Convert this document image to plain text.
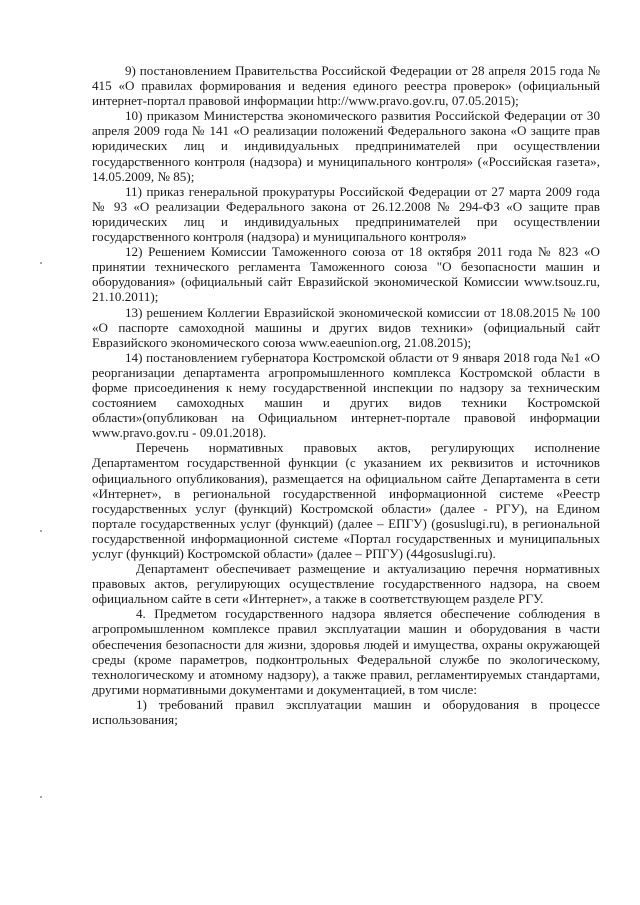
9) постановлением Правительства Российской Федерации от 28 апреля 2015 года № 415 «О правилах формирования и ведения единого реестра проверок» (официальный интернет-портал правовой информации http://www.pravo.gov.ru, 07.05.2015);

10) приказом Министерства экономического развития Российской Федерации от 30 апреля 2009 года № 141 «О реализации положений Федерального закона «О защите прав юридических лиц и индивидуальных предпринимателей при осуществлении государственного контроля (надзора) и муниципального контроля» («Российская газета», 14.05.2009, № 85);

11) приказ генеральной прокуратуры Российской Федерации от 27 марта 2009 года № 93 «О реализации Федерального закона от 26.12.2008 № 294-ФЗ «О защите прав юридических лиц и индивидуальных предпринимателей при осуществлении государственного контроля (надзора) и муниципального контроля»

12) Решением Комиссии Таможенного союза от 18 октября 2011 года № 823 «О принятии технического регламента Таможенного союза "О безопасности машин и оборудования» (официальный сайт Евразийской экономической Комиссии www.tsouz.ru, 21.10.2011);

13) решением Коллегии Евразийской экономической комиссии от 18.08.2015 № 100 «О паспорте самоходной машины и других видов техники» (официальный сайт Евразийского экономического союза www.eaeunion.org, 21.08.2015);

14) постановлением губернатора Костромской области от 9 января 2018 года №1 «О реорганизации департамента агропромышленного комплекса Костромской области в форме присоединения к нему государственной инспекции по надзору за техническим состоянием самоходных машин и других видов техники Костромской области»(опубликован на Официальном интернет-портале правовой информации www.pravo.gov.ru - 09.01.2018).

Перечень нормативных правовых актов, регулирующих исполнение Департаментом государственной функции (с указанием их реквизитов и источников официального опубликования), размещается на официальном сайте Департамента в сети «Интернет», в региональной государственной информационной системе «Реестр государственных услуг (функций) Костромской области» (далее - РГУ), на Едином портале государственных услуг (функций) (далее – ЕПГУ) (gosuslugi.ru), в региональной государственной информационной системе «Портал государственных и муниципальных услуг (функций) Костромской области» (далее – РПГУ) (44gosuslugi.ru).

Департамент обеспечивает размещение и актуализацию перечня нормативных правовых актов, регулирующих осуществление государственного надзора, на своем официальном сайте в сети «Интернет», а также в соответствующем разделе РГУ.

4. Предметом государственного надзора является обеспечение соблюдения в агропромышленном комплексе правил эксплуатации машин и оборудования в части обеспечения безопасности для жизни, здоровья людей и имущества, охраны окружающей среды (кроме параметров, подконтрольных Федеральной службе по экологическому, технологическому и атомному надзору), а также правил, регламентируемых стандартами, другими нормативными документами и документацией, в том числе:

1) требований правил эксплуатации машин и оборудования в процессе использования;
